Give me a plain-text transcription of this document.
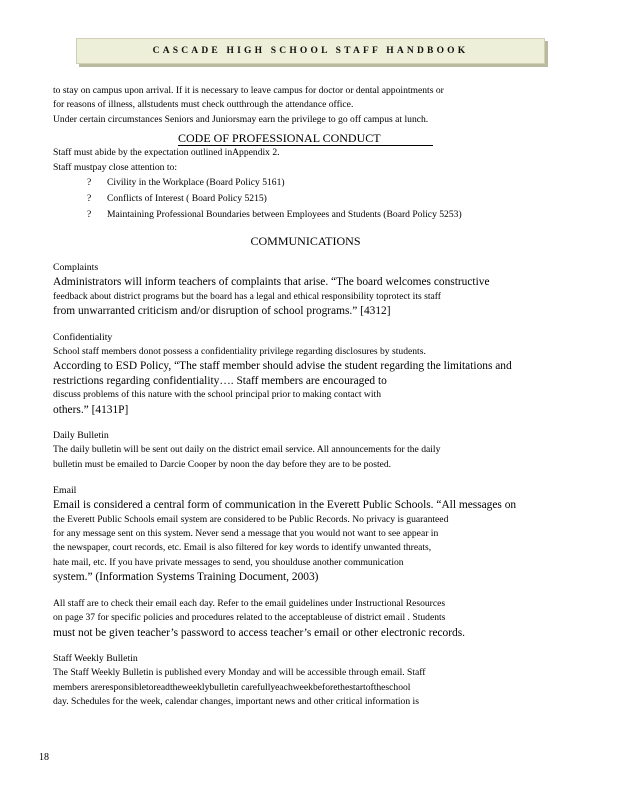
CASCADE HIGH SCHOOL STAFF HANDBOOK

to stay on campus upon arrival. If it is necessary to leave campus for doctor or dental appointments or

for reasons of illness, allstudents must check outthrough the attendance office.

Under certain circumstances Seniors and Juniorsmay earn the privilege to go off campus at lunch.

CODE OF PROFESSIONAL CONDUCT

Staff must abide by the expectation outlined inAppendix 2.

Staff mustpay close attention to:

?	Civility in the Workplace (Board Policy 5161)
?	Conflicts of Interest ( Board Policy 5215)
?	Maintaining Professional Boundaries between Employees and Students (Board Policy 5253)
COMMUNICATIONS
Complaints

Administrators will inform teachers of complaints that arise. “The board welcomes constructive

feedback about district programs but the board has a legal and ethical responsibility toprotect its staff

from unwarranted criticism and/or disruption of school programs.” [4312]

Confidentiality

School staff members donot possess a confidentiality privilege regarding disclosures by students.

According to ESD Policy, “The staff member should advise the student regarding the limitations and

restrictions regarding confidentiality…. Staff members are encouraged to

discuss problems of this nature with the school principal prior to making contact with

others.” [4131P]

Daily Bulletin

The daily bulletin will be sent out daily on the district email service. All announcements for the daily

bulletin must be emailed to Darcie Cooper by noon the day before they are to be posted.

Email

Email is considered a central form of communication in the Everett Public Schools. “All messages on

the Everett Public Schools email system are considered to be Public Records. No privacy is guaranteed

for any message sent on this system. Never send a message that you would not want to see appear in

the newspaper, court records, etc. Email is also filtered for key words to identify unwanted threats,

hate mail, etc. If you have private messages to send, you shoulduse another communication

system.” (Information Systems Training Document, 2003)

All staff are to check their email each day. Refer to the email guidelines under Instructional Resources

on page 37 for specific policies and procedures related to the acceptableuse of district email . Students

must not be given teacher’s password to access teacher’s email or other electronic records.

Staff Weekly Bulletin

The Staff Weekly Bulletin is published every Monday and will be accessible through email. Staff

members areresponsibletoreadtheweeklybulletin carefullyeachweekbeforethestartoftheschool

day. Schedules for the week, calendar changes, important news and other critical information is

18
